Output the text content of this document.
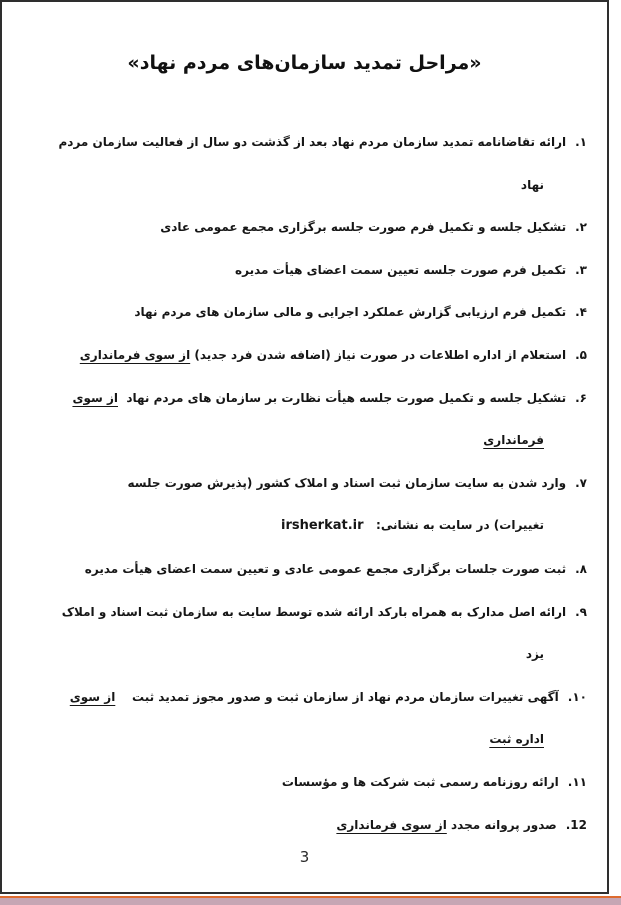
«مراحل تمدید سازمان‌های مردم نهاد»
۱.ارائه تقاضانامه تمدید سازمان مردم نهاد بعد از گذشت دو سال از فعالیت سازمان مردم
نهاد
۲.تشکیل جلسه و تکمیل فرم صورت جلسه برگزاری مجمع عمومی عادی
۳.تکمیل فرم صورت جلسه تعیین سمت اعضای هیأت مدیره
۴.تکمیل فرم ارزیابی گزارش عملکرد اجرایی و مالی سازمان های مردم نهاد
۵.استعلام از اداره اطلاعات در صورت نیاز (اضافه شدن فرد جدید) از سوی فرمانداری
۶.تشکیل جلسه و تکمیل صورت جلسه هیأت نظارت بر سازمان های مردم نهاد  از سوی
فرمانداری
۷.وارد شدن به سایت سازمان ثبت اسناد و املاک کشور (پذیرش صورت جلسه
تغییرات) در سایت به نشانی:   irsherkat.ir
۸.ثبت صورت جلسات برگزاری مجمع عمومی عادی و تعیین سمت اعضای هیأت مدیره
۹.ارائه اصل مدارک به همراه بارکد ارائه شده توسط سایت به سازمان ثبت اسناد و املاک
یزد
۱۰.آگهی تغییرات سازمان مردم نهاد از سازمان ثبت و صدور مجوز تمدید ثبت    از سوی
اداره ثبت
۱۱.ارائه روزنامه رسمی ثبت شرکت ها و مؤسسات
12.صدور پروانه مجدد از سوی فرمانداری
3
